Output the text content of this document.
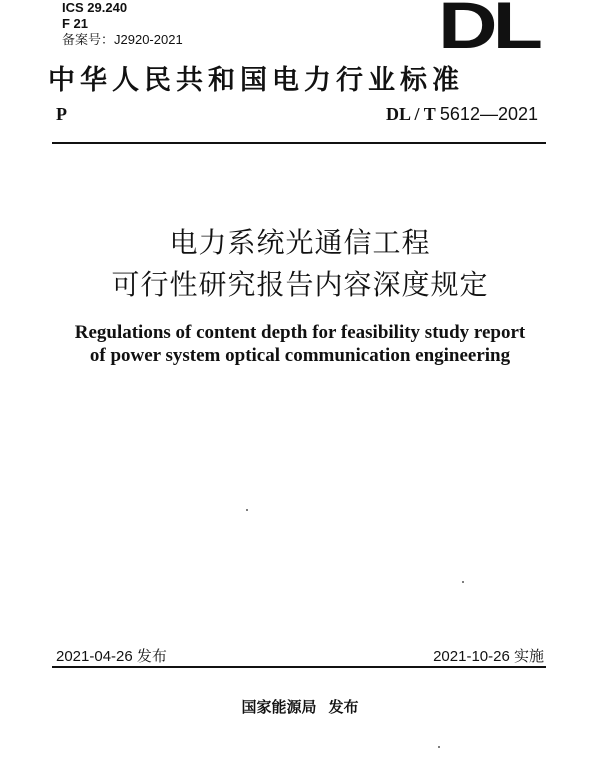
ICS 29.240
F 21
备案号：J2920-2021	DL
中华人民共和国电力行业标准
P	DL / T 5612—2021
电力系统光通信工程
可行性研究报告内容深度规定
Regulations of content depth for feasibility study report
of power system optical communication engineering
2021-04-26 发布	2021-10-26 实施
国家能源局 发布
